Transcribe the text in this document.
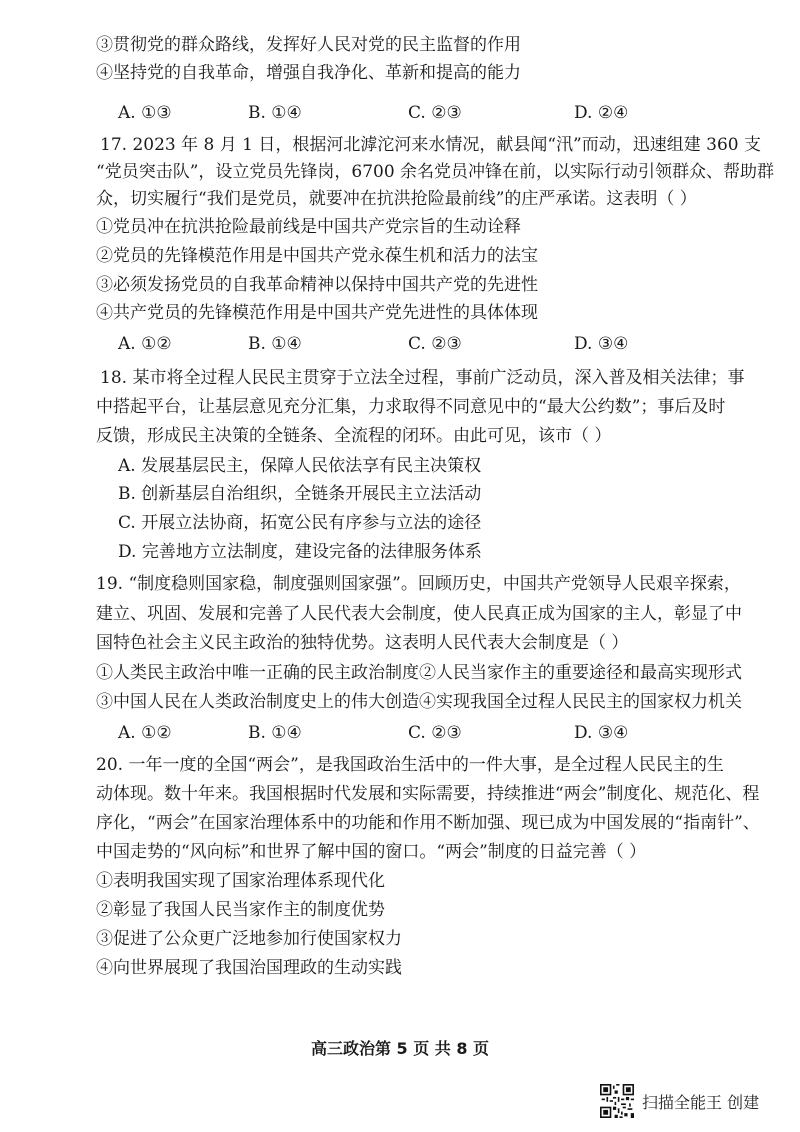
③贯彻党的群众路线，发挥好人民对党的民主监督的作用
④坚持党的自我革命，增强自我净化、革新和提高的能力
A. ①③	B. ①④	C. ②③	D. ②④
17. 2023 年 8 月 1 日，根据河北滹沱河来水情况，献县闻“汛”而动，迅速组建 360 支
“党员突击队”，设立党员先锋岗，6700 余名党员冲锋在前，以实际行动引领群众、帮助群
众，切实履行“我们是党员，就要冲在抗洪抢险最前线”的庄严承诺。这表明（ ）
①党员冲在抗洪抢险最前线是中国共产党宗旨的生动诠释
②党员的先锋模范作用是中国共产党永葆生机和活力的法宝
③必须发扬党员的自我革命精神以保持中国共产党的先进性
④共产党员的先锋模范作用是中国共产党先进性的具体体现
A. ①②	B. ①④	C. ②③	D. ③④
18. 某市将全过程人民民主贯穿于立法全过程，事前广泛动员，深入普及相关法律；事
中搭起平台，让基层意见充分汇集，力求取得不同意见中的“最大公约数”；事后及时
反馈，形成民主决策的全链条、全流程的闭环。由此可见，该市（ ）
A. 发展基层民主，保障人民依法享有民主决策权
B. 创新基层自治组织，全链条开展民主立法活动
C. 开展立法协商，拓宽公民有序参与立法的途径
D. 完善地方立法制度，建设完备的法律服务体系
19. “制度稳则国家稳，制度强则国家强”。回顾历史，中国共产党领导人民艰辛探索，
建立、巩固、发展和完善了人民代表大会制度，使人民真正成为国家的主人，彰显了中
国特色社会主义民主政治的独特优势。这表明人民代表大会制度是（ ）
①人类民主政治中唯一正确的民主政治制度②人民当家作主的重要途径和最高实现形式
③中国人民在人类政治制度史上的伟大创造④实现我国全过程人民民主的国家权力机关
A. ①②	B. ①④	C. ②③	D. ③④
20. 一年一度的全国“两会”，是我国政治生活中的一件大事，是全过程人民民主的生
动体现。数十年来。我国根据时代发展和实际需要，持续推进“两会”制度化、规范化、程
序化，“两会”在国家治理体系中的功能和作用不断加强、现已成为中国发展的“指南针”、
中国走势的“风向标”和世界了解中国的窗口。“两会”制度的日益完善（ ）
①表明我国实现了国家治理体系现代化
②彰显了我国人民当家作主的制度优势
③促进了公众更广泛地参加行使国家权力
④向世界展现了我国治国理政的生动实践
高三政治第 5 页 共 8 页
扫描全能王 创建
